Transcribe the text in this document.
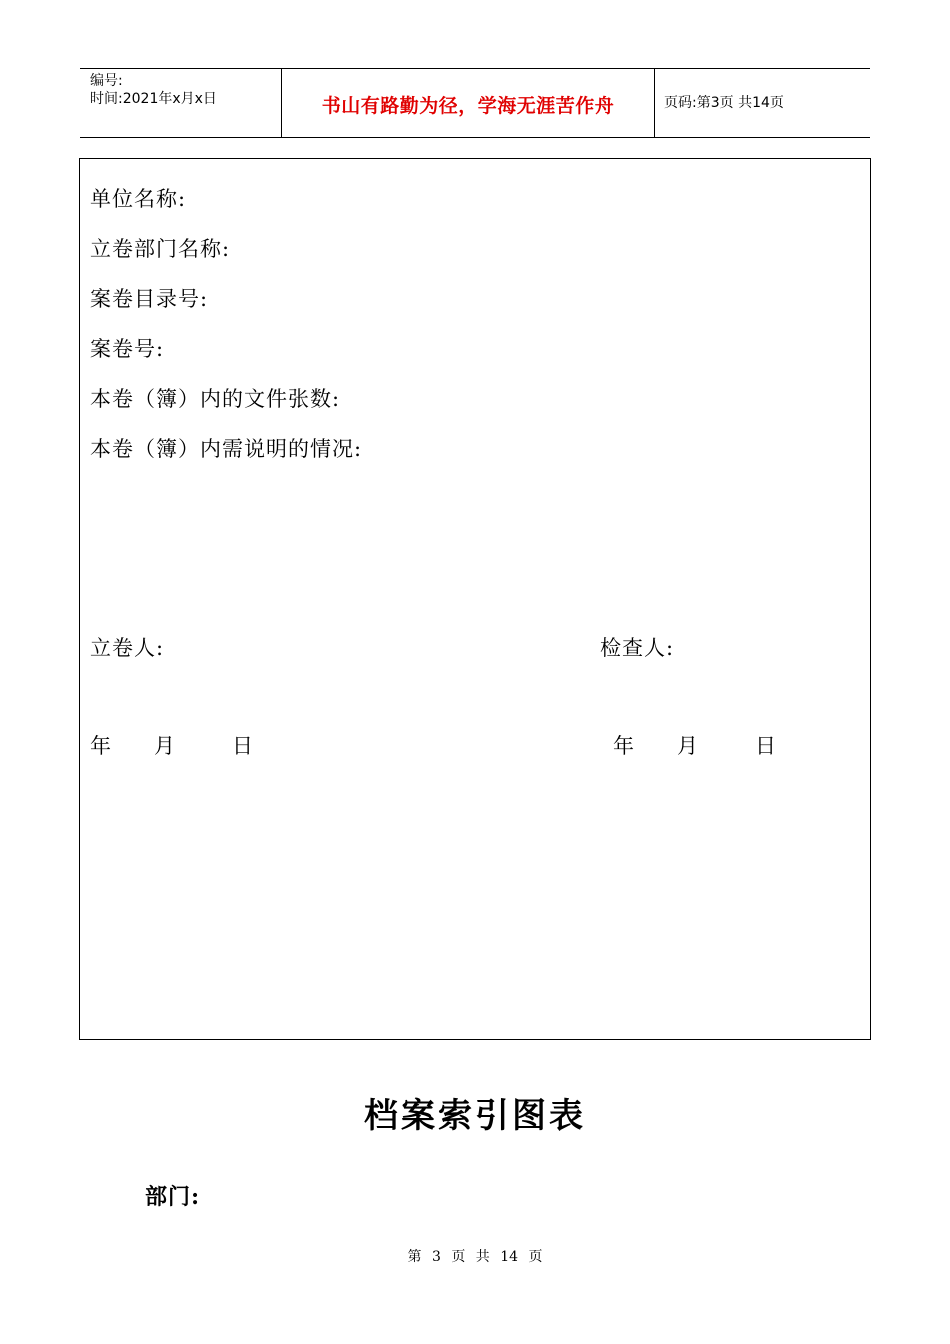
编号:
时间:2021年x月x日	书山有路勤为径，学海无涯苦作舟	页码:第3页 共14页
单位名称:
立卷部门名称:
案卷目录号:
案卷号:
本卷（簿）内的文件张数:
本卷（簿）内需说明的情况:
立卷人:	检查人:
年 月	日	年 月	日
档案索引图表
部门:
第 3 页 共 14 页
